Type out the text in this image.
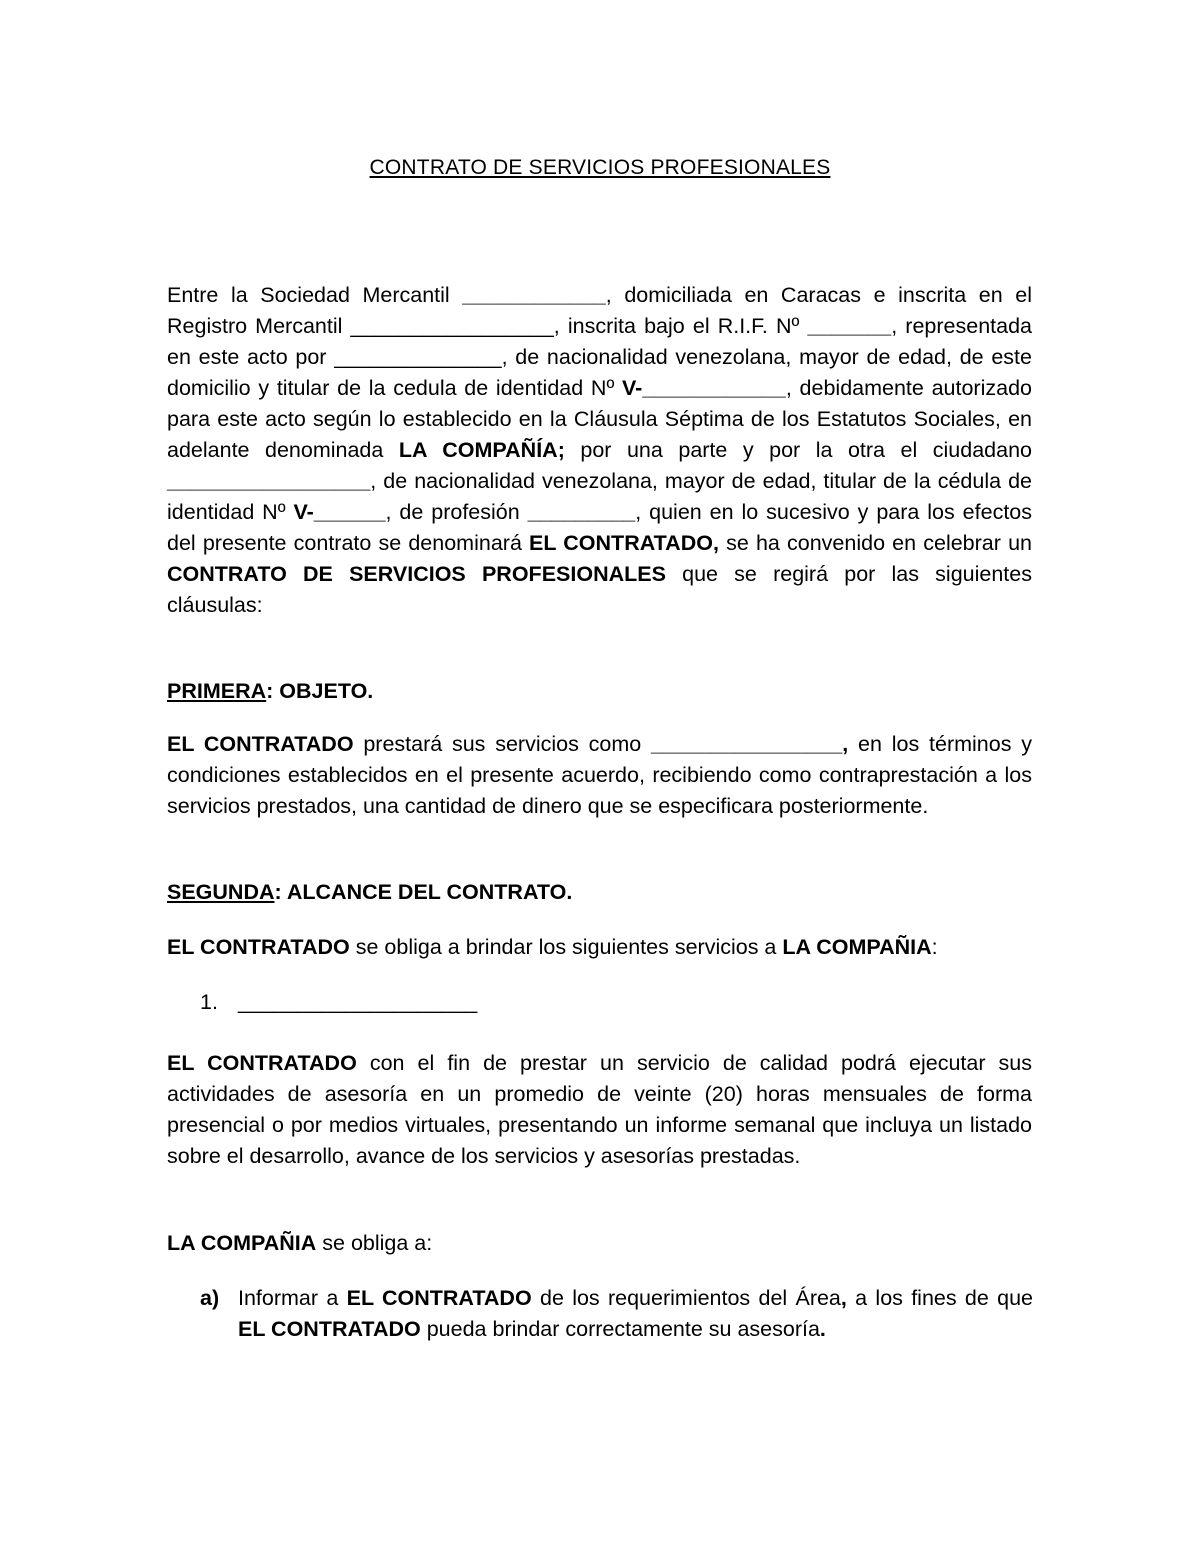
CONTRATO DE SERVICIOS PROFESIONALES
Entre la Sociedad Mercantil ____________, domiciliada en Caracas e inscrita en el Registro Mercantil _________________, inscrita bajo el R.I.F. Nº _______, representada en este acto por ______________, de nacionalidad venezolana, mayor de edad, de este domicilio y titular de la cedula de identidad Nº V-____________, debidamente autorizado para este acto según lo establecido en la Cláusula Séptima de los Estatutos Sociales, en adelante denominada LA COMPAÑÍA; por una parte y por la otra el ciudadano _________________, de nacionalidad venezolana, mayor de edad, titular de la cédula de identidad Nº V-______, de profesión _________, quien en lo sucesivo y para los efectos del presente contrato se denominará EL CONTRATADO, se ha convenido en celebrar un CONTRATO DE SERVICIOS PROFESIONALES que se regirá por las siguientes cláusulas:
PRIMERA: OBJETO.
EL CONTRATADO prestará sus servicios como ________________, en los términos y condiciones establecidos en el presente acuerdo, recibiendo como contraprestación a los servicios prestados, una cantidad de dinero que se especificara posteriormente.
SEGUNDA: ALCANCE DEL CONTRATO.
EL CONTRATADO se obliga a brindar los siguientes servicios a LA COMPAÑIA:
1. ____________________
EL CONTRATADO con el fin de prestar un servicio de calidad podrá ejecutar sus actividades de asesoría en un promedio de veinte (20) horas mensuales de forma presencial o por medios virtuales, presentando un informe semanal que incluya un listado sobre el desarrollo, avance de los servicios y asesorías prestadas.
LA COMPAÑIA se obliga a:
a) Informar a EL CONTRATADO de los requerimientos del Área, a los fines de que EL CONTRATADO pueda brindar correctamente su asesoría.
